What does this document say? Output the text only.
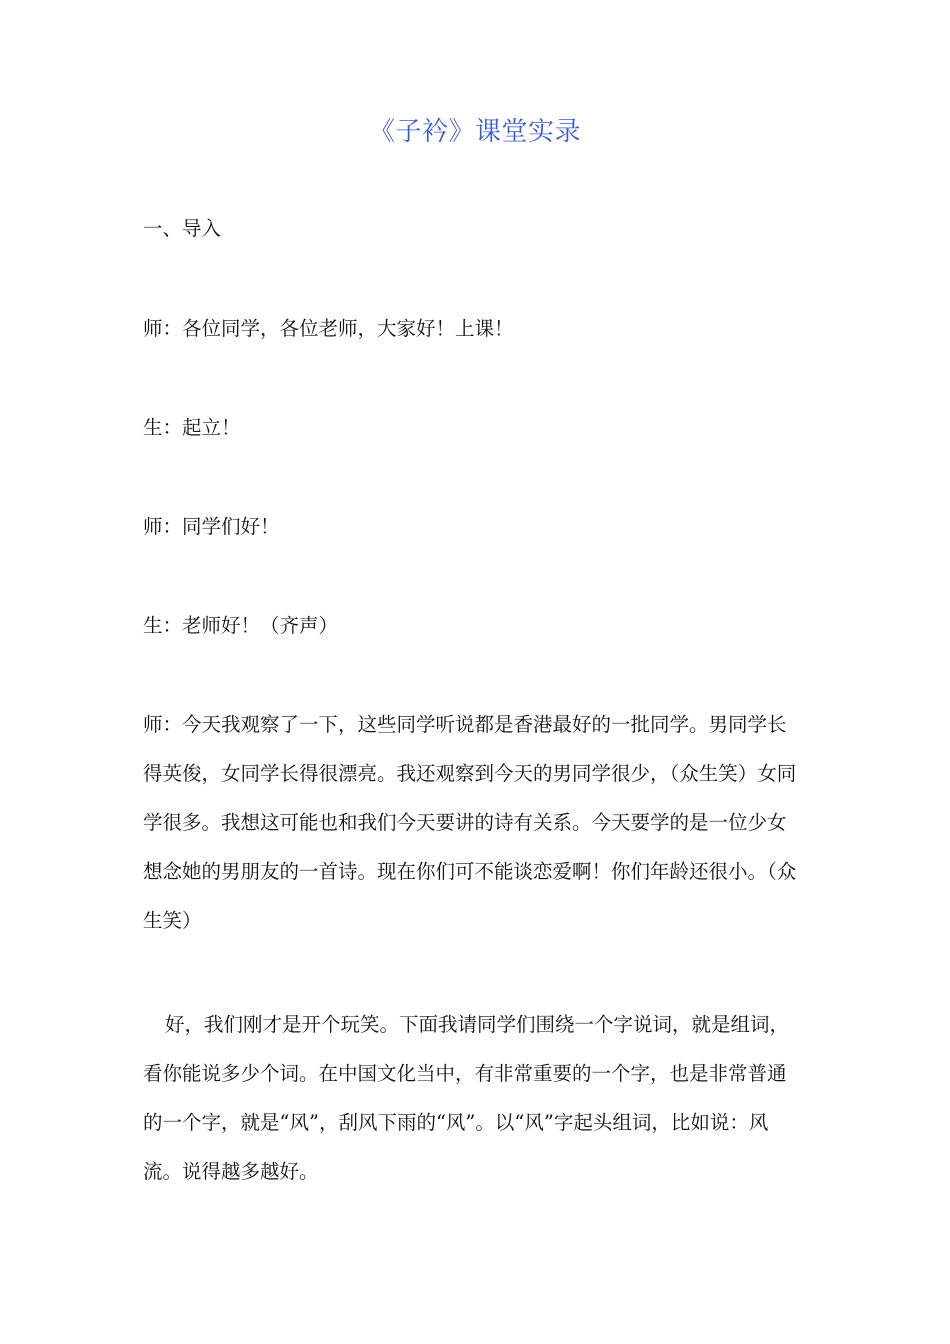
《子衿》课堂实录

一、导入

师：各位同学，各位老师，大家好！上课！

生：起立！

师：同学们好！

生：老师好！（齐声）

师：今天我观察了一下，这些同学听说都是香港最好的一批同学。男同学长得英俊，女同学长得很漂亮。我还观察到今天的男同学很少，（众生笑）女同学很多。我想这可能也和我们今天要讲的诗有关系。今天要学的是一位少女想念她的男朋友的一首诗。现在你们可不能谈恋爱啊！你们年龄还很小。（众生笑）

好，我们刚才是开个玩笑。下面我请同学们围绕一个字说词，就是组词，看你能说多少个词。在中国文化当中，有非常重要的一个字，也是非常普通的一个字，就是“风”，刮风下雨的“风”。以“风”字起头组词，比如说：风流。说得越多越好。
